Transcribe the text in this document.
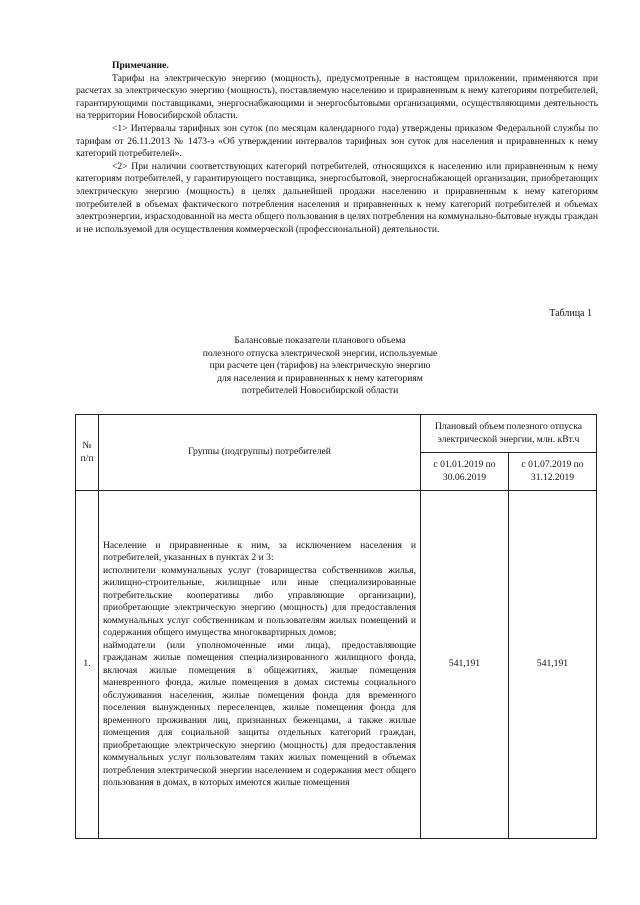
Примечание.

Тарифы на электрическую энергию (мощность), предусмотренные в настоящем приложении, применяются при расчетах за электрическую энергию (мощность), поставляемую населению и приравненным к нему категориям потребителей, гарантирующими поставщиками, энергоснабжающими и энергосбытовыми организациями, осуществляющими деятельность на территории Новосибирской области.

<1> Интервалы тарифных зон суток (по месяцам календарного года) утверждены приказом Федеральной службы по тарифам от 26.11.2013 № 1473-э «Об утверждении интервалов тарифных зон суток для населения и приравненных к нему категорий потребителей».

<2> При наличии соответствующих категорий потребителей, относящихся к населению или приравненным к нему категориям потребителей, у гарантирующего поставщика, энергосбытовой, энергоснабжающей организации, приобретающих электрическую энергию (мощность) в целях дальнейшей продажи населению и приравненным к нему категориям потребителей в объемах фактического потребления населения и приравненных к нему категорий потребителей и объемах электроэнергии, израсходованной на места общего пользования в целях потребления на коммунально-бытовые нужды граждан и не используемой для осуществления коммерческой (профессиональной) деятельности.

Таблица 1
Балансовые показатели планового объема
полезного отпуска электрической энергии, используемые
при расчете цен (тарифов) на электрическую энергию
для населения и приравненных к нему категориям
потребителей Новосибирской области
№ п/п	Группы (подгруппы) потребителей	Плановый объем полезного отпуска электрической энергии, млн. кВт.ч	
		с 01.01.2019 по 30.06.2019	с 01.07.2019 по 31.12.2019
1.	Население и приравненные к ним, за исключением населения и потребителей, указанных в пунктах 2 и 3:
исполнители коммунальных услуг (товарищества собственников жилья, жилищно-строительные, жилищные или иные специализированные потребительские кооперативы либо управляющие организации), приобретающие электрическую энергию (мощность) для предоставления коммунальных услуг собственникам и пользователям жилых помещений и содержания общего имущества многоквартирных домов;
наймодатели (или уполномоченные ими лица), предоставляющие гражданам жилые помещения специализированного жилищного фонда, включая жилые помещения в общежитиях, жилые помещения маневренного фонда, жилые помещения в домах системы социального обслуживания населения, жилые помещения фонда для временного поселения вынужденных переселенцев, жилые помещения фонда для временного проживания лиц, признанных беженцами, а также жилые помещения для социальной защиты отдельных категорий граждан, приобретающие электрическую энергию (мощность) для предоставления коммунальных услуг пользователям таких жилых помещений в объемах потребления электрической энергии населением и содержания мест общего пользования в домах, в которых имеются жилые помещения	541,191	541,191
